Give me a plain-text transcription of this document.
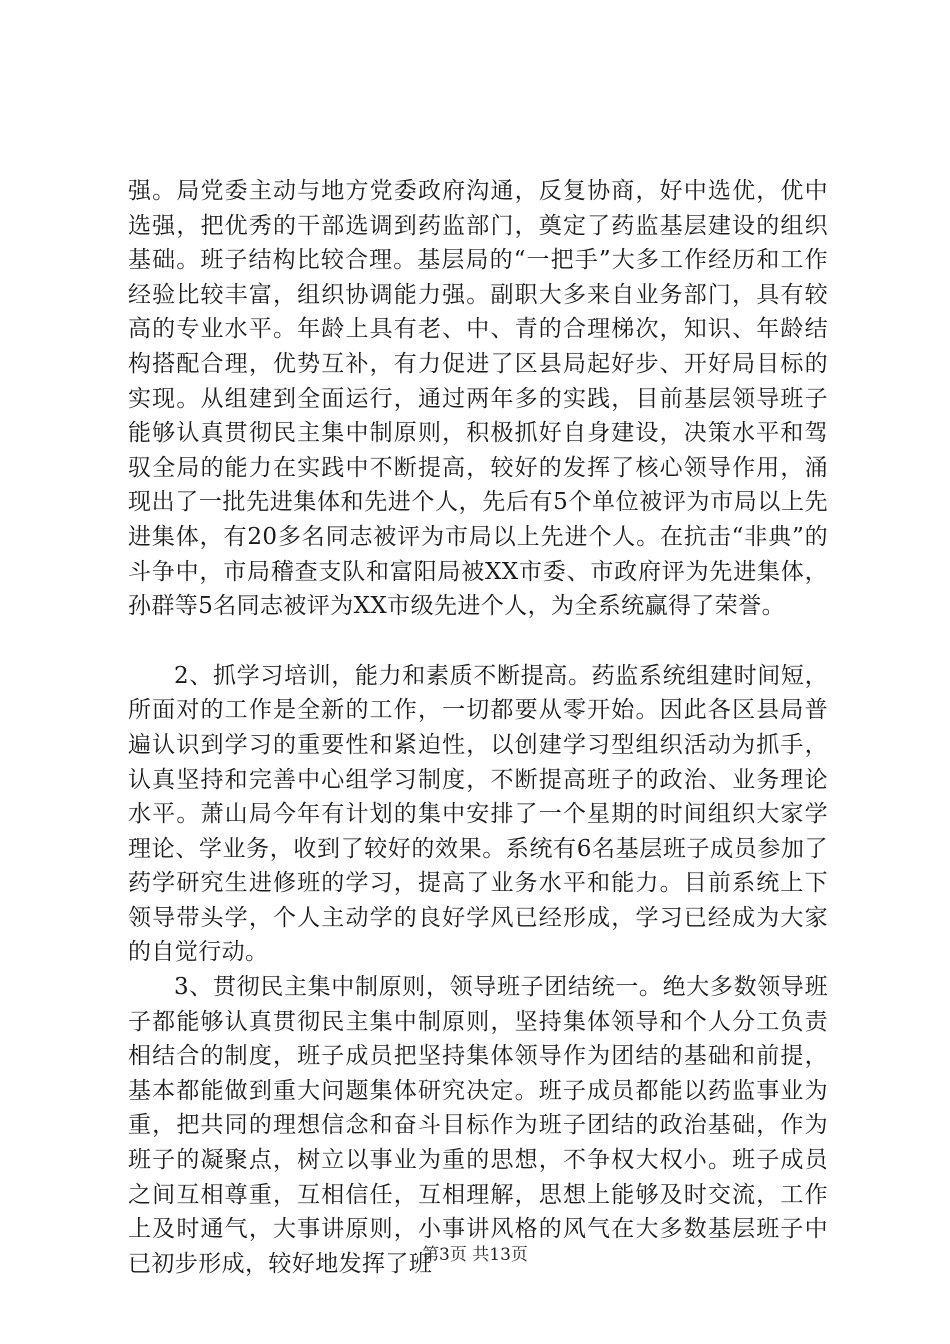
强。局党委主动与地方党委政府沟通，反复协商，好中选优，优中选强，把优秀的干部选调到药监部门，奠定了药监基层建设的组织基础。班子结构比较合理。基层局的“一把手”大多工作经历和工作经验比较丰富，组织协调能力强。副职大多来自业务部门，具有较高的专业水平。年龄上具有老、中、青的合理梯次，知识、年龄结构搭配合理，优势互补，有力促进了区县局起好步、开好局目标的实现。从组建到全面运行，通过两年多的实践，目前基层领导班子能够认真贯彻民主集中制原则，积极抓好自身建设，决策水平和驾驭全局的能力在实践中不断提高，较好的发挥了核心领导作用，涌现出了一批先进集体和先进个人，先后有5个单位被评为市局以上先进集体，有20多名同志被评为市局以上先进个人。在抗击“非典”的斗争中，市局稽查支队和富阳局被XX市委、市政府评为先进集体，孙群等5名同志被评为XX市级先进个人，为全系统赢得了荣誉。

2、抓学习培训，能力和素质不断提高。药监系统组建时间短，所面对的工作是全新的工作，一切都要从零开始。因此各区县局普遍认识到学习的重要性和紧迫性，以创建学习型组织活动为抓手，认真坚持和完善中心组学习制度，不断提高班子的政治、业务理论水平。萧山局今年有计划的集中安排了一个星期的时间组织大家学理论、学业务，收到了较好的效果。系统有6名基层班子成员参加了药学研究生进修班的学习，提高了业务水平和能力。目前系统上下领导带头学，个人主动学的良好学风已经形成，学习已经成为大家的自觉行动。

3、贯彻民主集中制原则，领导班子团结统一。绝大多数领导班子都能够认真贯彻民主集中制原则，坚持集体领导和个人分工负责相结合的制度，班子成员把坚持集体领导作为团结的基础和前提，基本都能做到重大问题集体研究决定。班子成员都能以药监事业为重，把共同的理想信念和奋斗目标作为班子团结的政治基础，作为班子的凝聚点，树立以事业为重的思想，不争权大权小。班子成员之间互相尊重，互相信任，互相理解，思想上能够及时交流，工作上及时通气，大事讲原则，小事讲风格的风气在大多数基层班子中已初步形成，较好地发挥了班

第3页 共13页
